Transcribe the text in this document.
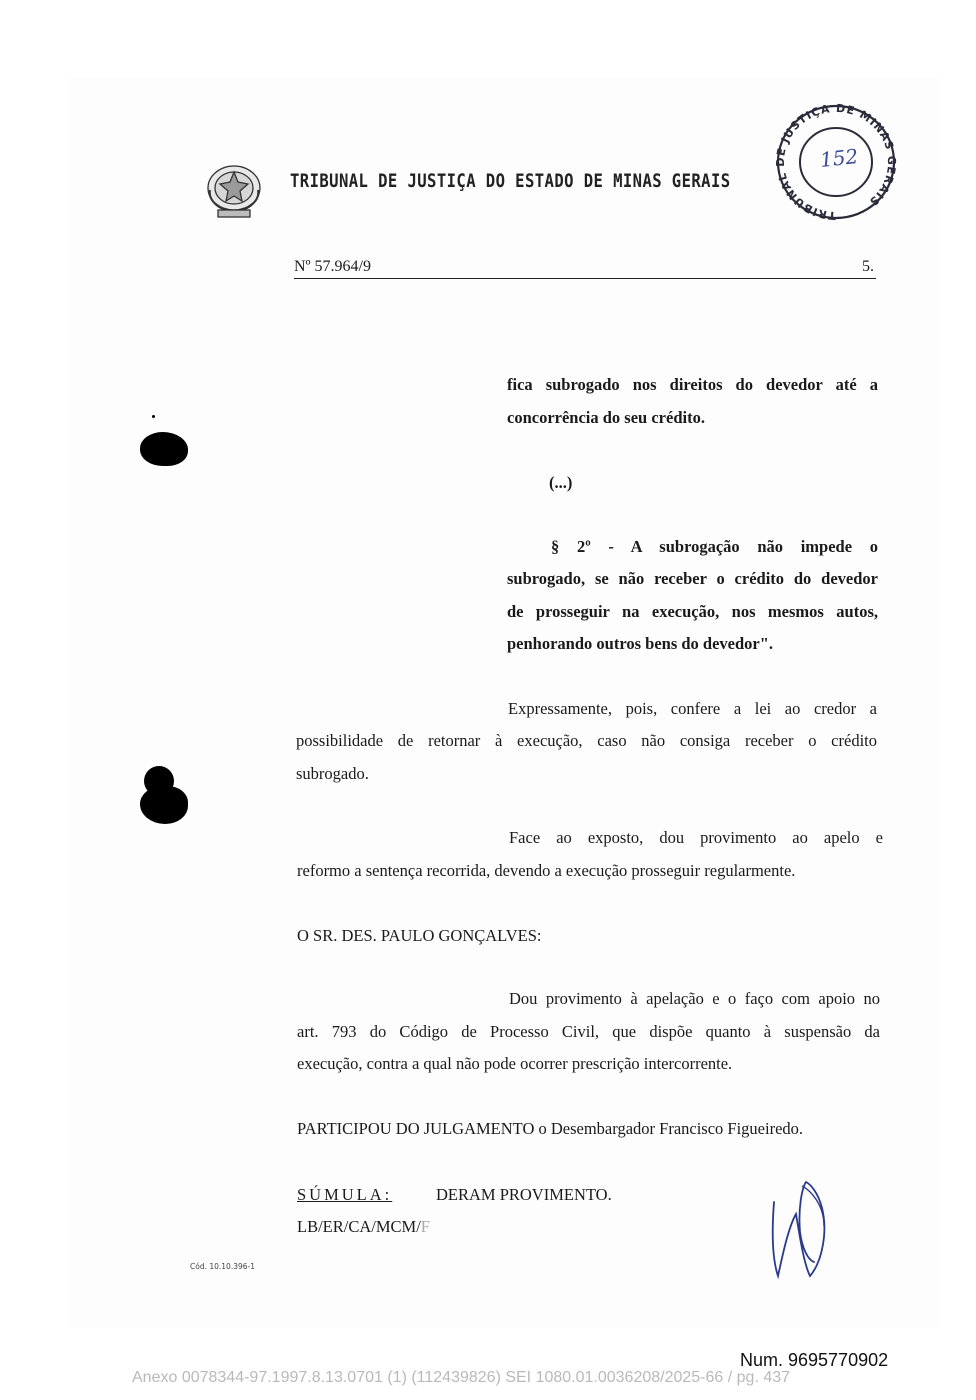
TRIBUNAL DE JUSTIÇA DO ESTADO DE MINAS GERAIS
TRIBUNAL DE JUSTIÇA DE MINAS GERAIS
152
Nº 57.964/9	5.
fica subrogado nos direitos do devedor até a
concorrência do seu crédito.
(...)
§ 2º - A subrogação não impede o
subrogado, se não receber o crédito do devedor
de prosseguir na execução, nos mesmos autos,
penhorando outros bens do devedor".
Expressamente, pois, confere a lei ao credor a
possibilidade de retornar à execução, caso não consiga receber o crédito
subrogado.
Face ao exposto, dou provimento ao apelo e
reformo a sentença recorrida, devendo a execução prosseguir regularmente.
O SR. DES. PAULO GONÇALVES:
Dou provimento à apelação e o faço com apoio no
art. 793 do Código de Processo Civil, que dispõe quanto à suspensão da
execução, contra a qual não pode ocorrer prescrição intercorrente.
PARTICIPOU DO JULGAMENTO o Desembargador Francisco Figueiredo.
SÚMULA:	DERAM PROVIMENTO.
LB/ER/CA/MCM/F
Cód. 10.10.396-1
Num. 9695770902
Anexo 0078344-97.1997.8.13.0701 (1) (112439826) SEI 1080.01.0036208/2025-66 / pg. 437
